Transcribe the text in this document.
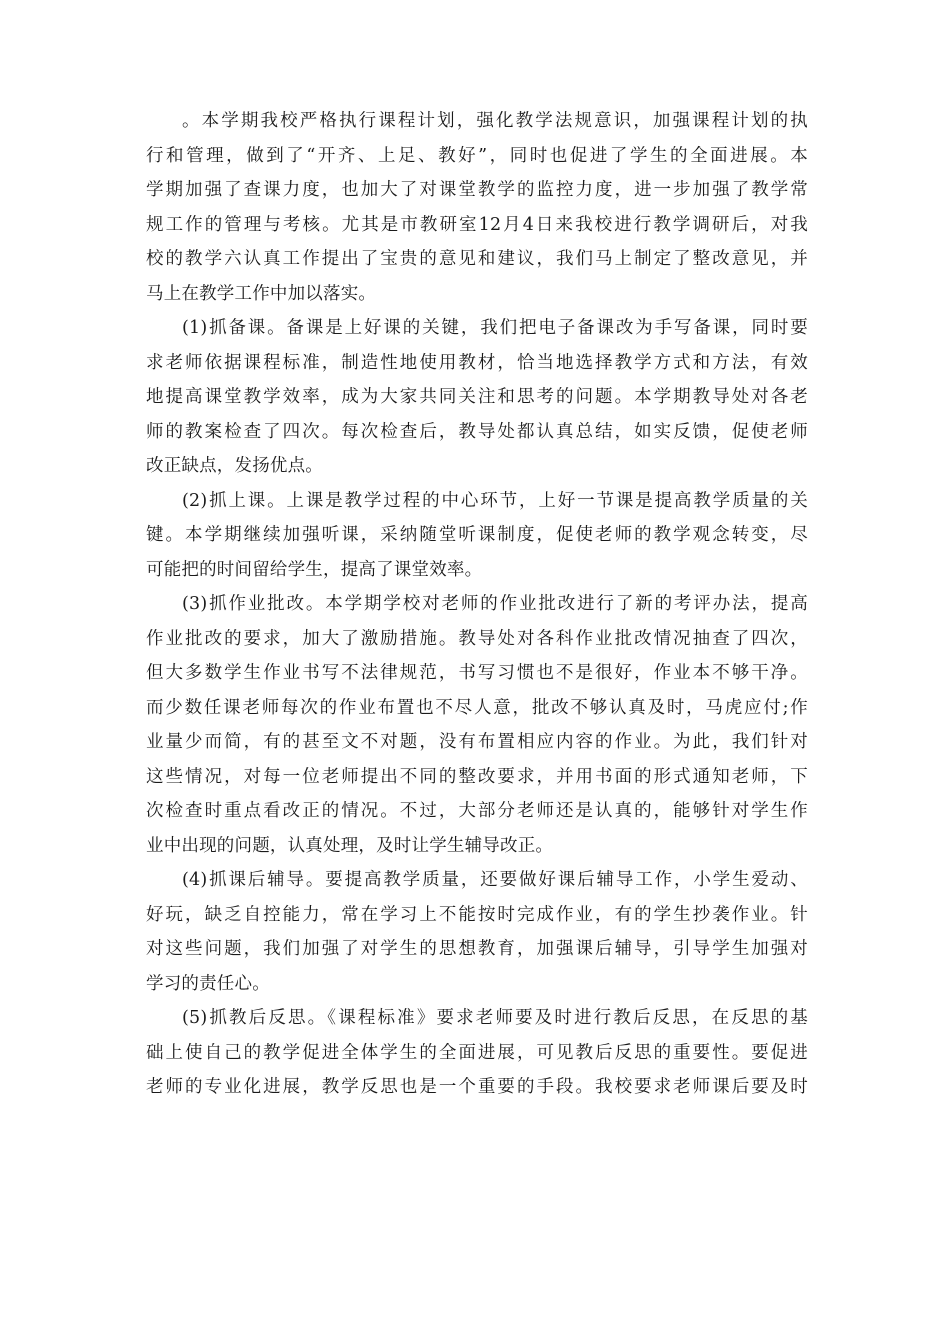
。本学期我校严格执行课程计划，强化教学法规意识，加强课程计划的执
行和管理，做到了“开齐、上足、教好”，同时也促进了学生的全面进展。本
学期加强了查课力度，也加大了对课堂教学的监控力度，进一步加强了教学常
规工作的管理与考核。尤其是市教研室12月4日来我校进行教学调研后，对我
校的教学六认真工作提出了宝贵的意见和建议，我们马上制定了整改意见，并
马上在教学工作中加以落实。
(1)抓备课。备课是上好课的关键，我们把电子备课改为手写备课，同时要
求老师依据课程标准，制造性地使用教材，恰当地选择教学方式和方法，有效
地提高课堂教学效率，成为大家共同关注和思考的问题。本学期教导处对各老
师的教案检查了四次。每次检查后，教导处都认真总结，如实反馈，促使老师
改正缺点，发扬优点。
(2)抓上课。上课是教学过程的中心环节，上好一节课是提高教学质量的关
键。本学期继续加强听课，采纳随堂听课制度，促使老师的教学观念转变，尽
可能把的时间留给学生，提高了课堂效率。
(3)抓作业批改。本学期学校对老师的作业批改进行了新的考评办法，提高
作业批改的要求，加大了激励措施。教导处对各科作业批改情况抽查了四次，
但大多数学生作业书写不法律规范，书写习惯也不是很好，作业本不够干净。
而少数任课老师每次的作业布置也不尽人意，批改不够认真及时，马虎应付;作
业量少而简，有的甚至文不对题，没有布置相应内容的作业。为此，我们针对
这些情况，对每一位老师提出不同的整改要求，并用书面的形式通知老师，下
次检查时重点看改正的情况。不过，大部分老师还是认真的，能够针对学生作
业中出现的问题，认真处理，及时让学生辅导改正。
(4)抓课后辅导。要提高教学质量，还要做好课后辅导工作，小学生爱动、
好玩，缺乏自控能力，常在学习上不能按时完成作业，有的学生抄袭作业。针
对这些问题，我们加强了对学生的思想教育，加强课后辅导，引导学生加强对
学习的责任心。
(5)抓教后反思。《课程标准》要求老师要及时进行教后反思，在反思的基
础上使自己的教学促进全体学生的全面进展，可见教后反思的重要性。要促进
老师的专业化进展，教学反思也是一个重要的手段。我校要求老师课后要及时
